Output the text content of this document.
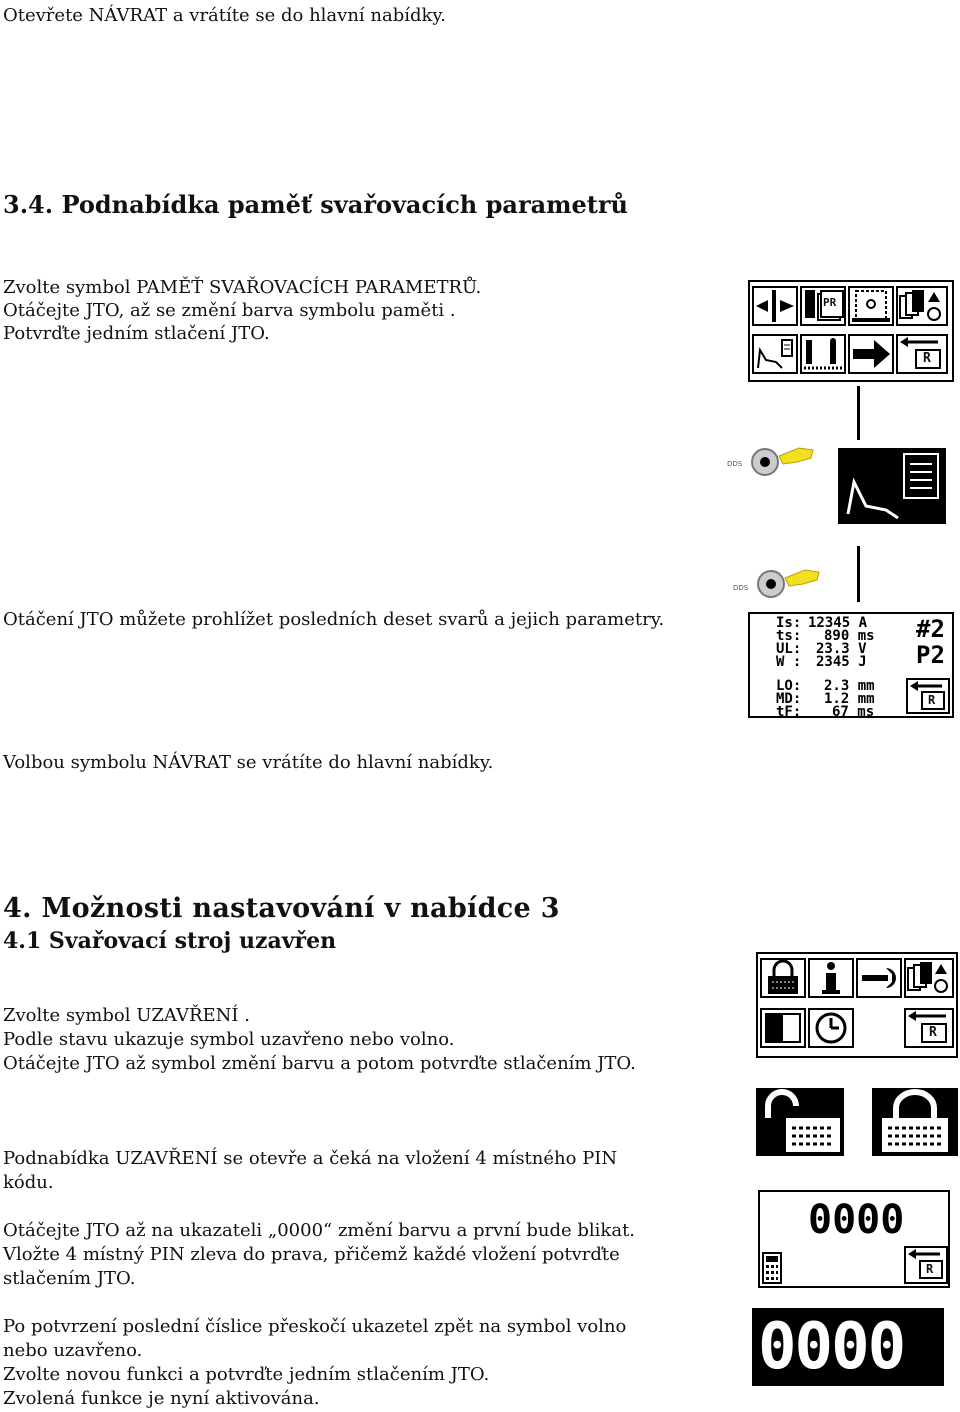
Otevřete NÁVRAT a vrátíte se do hlavní nabídky.
3.4. Podnabídka paměť svařovacích parametrů
Zvolte symbol PAMĚŤ SVAŘOVACÍCH PARAMETRŮ.
Otáčejte JTO, až se změní barva symbolu paměti .
Potvrďte jedním stlačení JTO.
Otáčení JTO můžete prohlížet posledních deset svarů a jejich parametry.
Volbou symbolu NÁVRAT se vrátíte do hlavní nabídky.
4. Možnosti nastavování v nabídce 3
4.1 Svařovací stroj uzavřen
Zvolte symbol UZAVŘENÍ .
Podle stavu ukazuje symbol uzavřeno nebo volno.
Otáčejte JTO až symbol změní barvu a potom potvrďte stlačením JTO.
Podnabídka UZAVŘENÍ se otevře a čeká na vložení 4 místného PIN
kódu.
Otáčejte JTO až na ukazateli „0000“ změní barvu a první bude blikat.
Vložte 4 místný PIN zleva do prava, přičemž každé vložení potvrďte
stlačením JTO.
Po potvrzení poslední číslice přeskočí ukazetel zpět na symbol volno
nebo uzavřeno.
Zvolte novou funkci a potvrďte jedním stlačením JTO.
Zvolená funkce je nyní aktivována.
PR
R
DDS
DDS
Is: 12345 A
ts: 890 ms
UL: 23.3 V
W : 2345 J
LO: 2.3 mm
MD: 1.2 mm
tF: 67 ms
#2
P2
R
R
0000
R
0000
